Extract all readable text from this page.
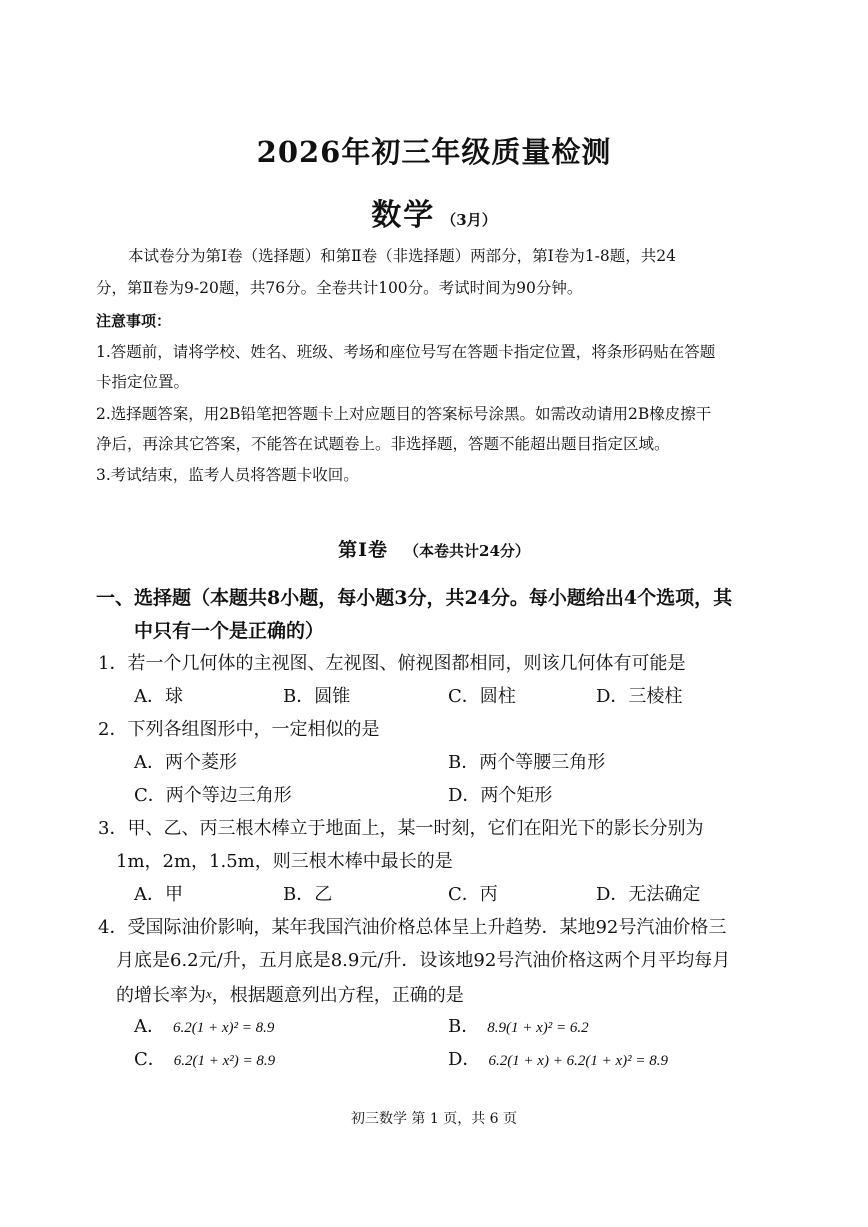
2026年初三年级质量检测
数学 （3月）
本试卷分为第Ⅰ卷（选择题）和第Ⅱ卷（非选择题）两部分，第Ⅰ卷为1-8题，共24
分，第Ⅱ卷为9-20题，共76分。全卷共计100分。考试时间为90分钟。
注意事项：
1.答题前，请将学校、姓名、班级、考场和座位号写在答题卡指定位置，将条形码贴在答题
卡指定位置。
2.选择题答案，用2B铅笔把答题卡上对应题目的答案标号涂黑。如需改动请用2B橡皮擦干
净后，再涂其它答案，不能答在试题卷上。非选择题，答题不能超出题目指定区域。
3.考试结束，监考人员将答题卡收回。
第Ⅰ卷 （本卷共计24分）
一、选择题（本题共8小题，每小题3分，共24分。每小题给出4个选项，其
中只有一个是正确的）
1．若一个几何体的主视图、左视图、俯视图都相同，则该几何体有可能是
A．球	B．圆锥	C．圆柱	D．三棱柱
2．下列各组图形中，一定相似的是
A．两个菱形	B．两个等腰三角形
C．两个等边三角形	D．两个矩形
3．甲、乙、丙三根木棒立于地面上，某一时刻，它们在阳光下的影长分别为
1m，2m，1.5m，则三根木棒中最长的是
A．甲	B．乙	C．丙	D．无法确定
4．受国际油价影响，某年我国汽油价格总体呈上升趋势．某地92号汽油价格三
月底是6.2元/升，五月底是8.9元/升．设该地92号汽油价格这两个月平均每月
的增长率为x，根据题意列出方程，正确的是
A． 6.2(1 + x)² = 8.9	B． 8.9(1 + x)² = 6.2
C． 6.2(1 + x²) = 8.9	D． 6.2(1 + x) + 6.2(1 + x)² = 8.9
初三数学 第 1 页，共 6 页
